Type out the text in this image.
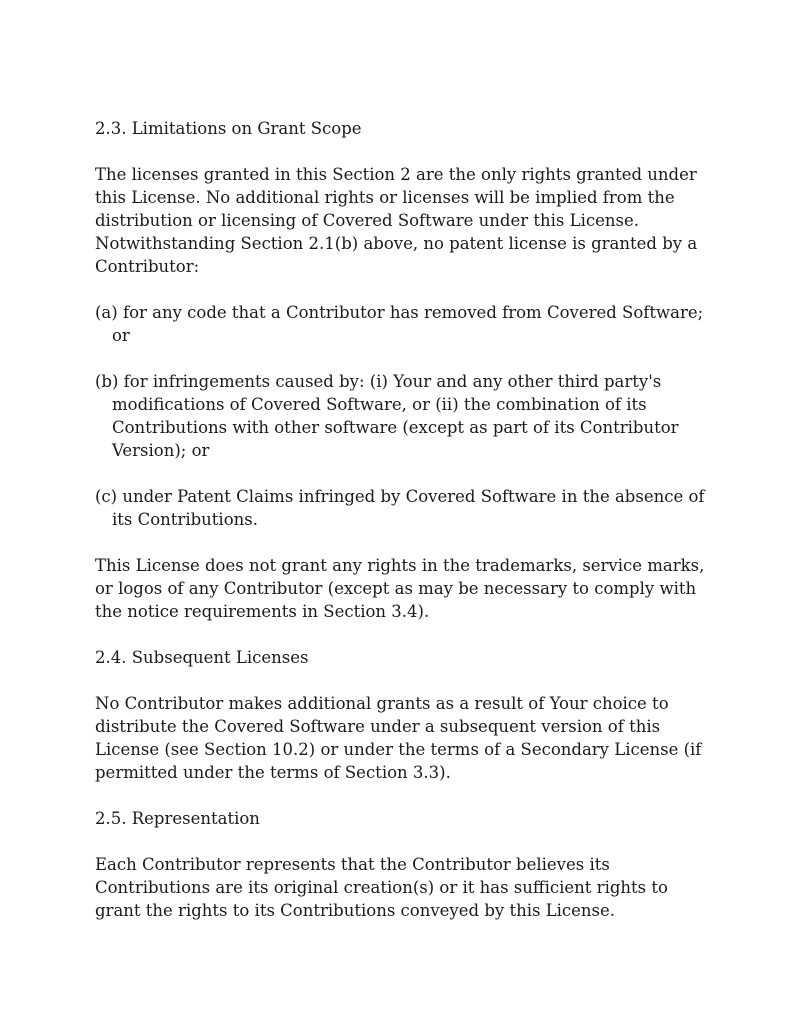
2.3. Limitations on Grant Scope
The licenses granted in this Section 2 are the only rights granted under this License. No additional rights or licenses will be implied from the distribution or licensing of Covered Software under this License. Notwithstanding Section 2.1(b) above, no patent license is granted by a Contributor:
(a) for any code that a Contributor has removed from Covered Software; or
(b) for infringements caused by: (i) Your and any other third party's modifications of Covered Software, or (ii) the combination of its Contributions with other software (except as part of its Contributor Version); or
(c) under Patent Claims infringed by Covered Software in the absence of its Contributions.
This License does not grant any rights in the trademarks, service marks, or logos of any Contributor (except as may be necessary to comply with the notice requirements in Section 3.4).
2.4. Subsequent Licenses
No Contributor makes additional grants as a result of Your choice to distribute the Covered Software under a subsequent version of this License (see Section 10.2) or under the terms of a Secondary License (if permitted under the terms of Section 3.3).
2.5. Representation
Each Contributor represents that the Contributor believes its Contributions are its original creation(s) or it has sufficient rights to grant the rights to its Contributions conveyed by this License.
